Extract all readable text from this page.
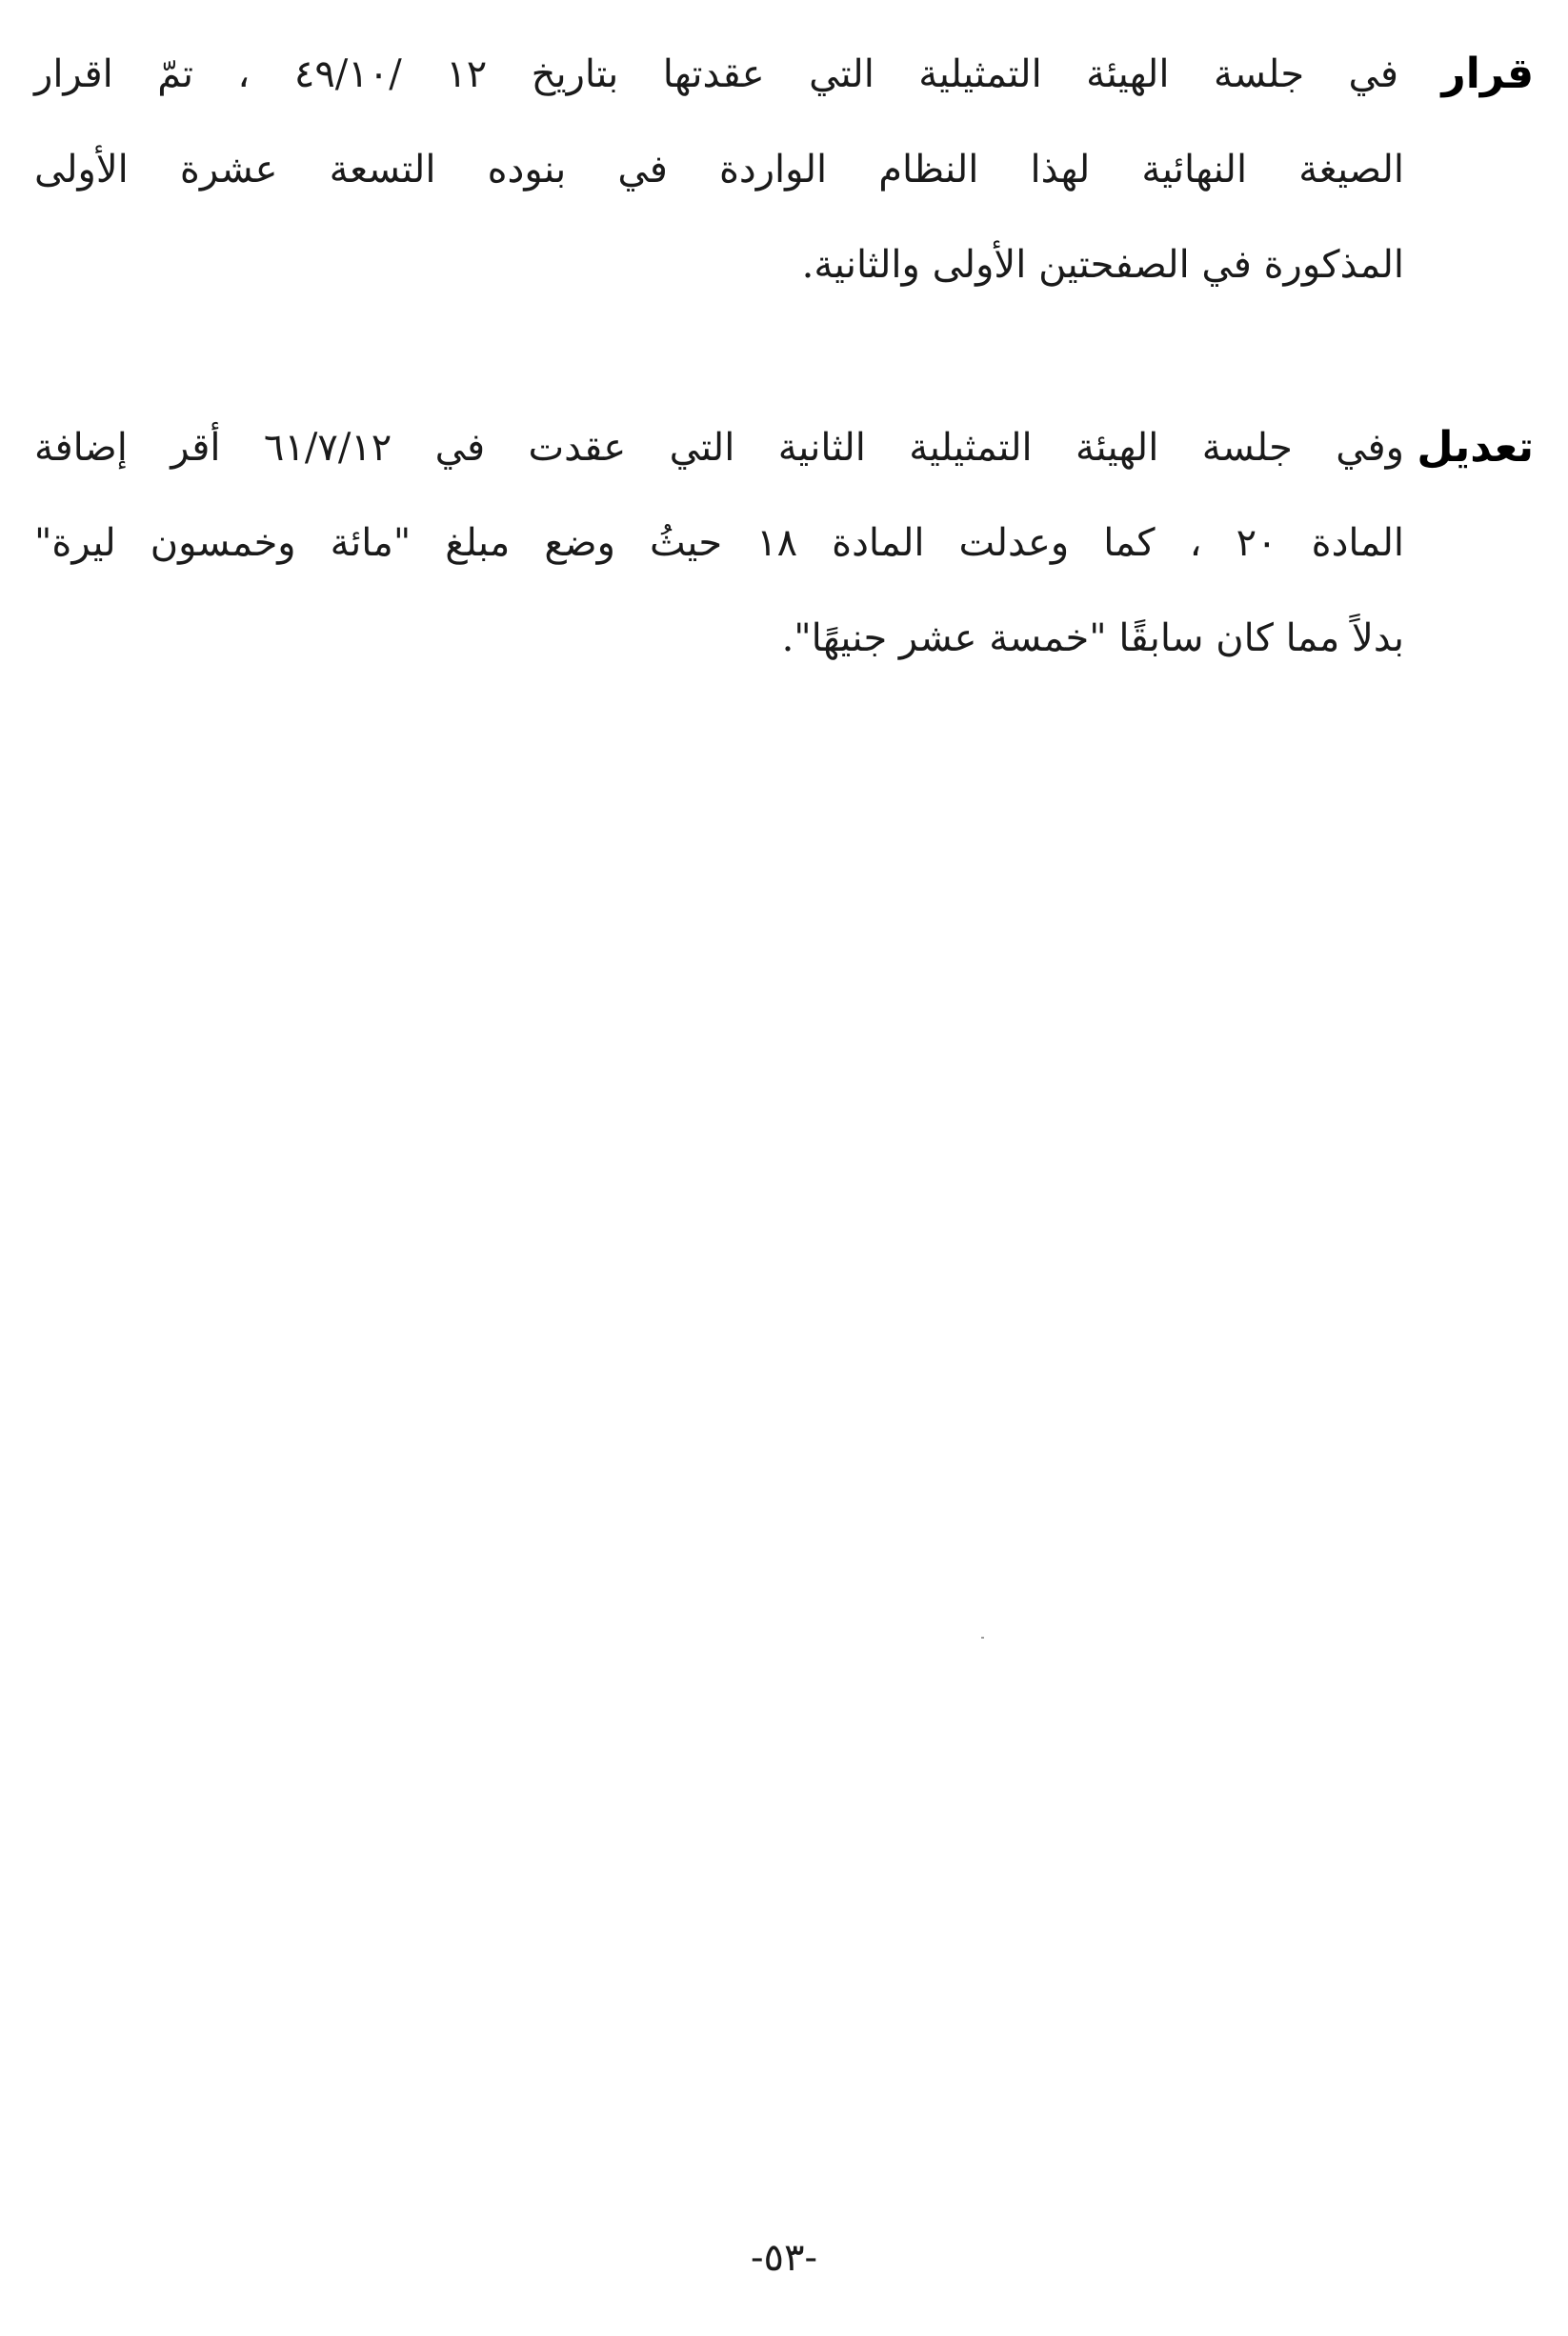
قرار
في جلسة الهيئة التمثيلية التي عقدتها بتاريخ ١٢ /٤٩/١٠ ، تمّ اقرار
الصيغة النهائية لهذا النظام الواردة في بنوده التسعة عشرة الأولى
المذكورة في الصفحتين الأولى والثانية.
تعديل
وفي جلسة الهيئة التمثيلية الثانية التي عقدت في ٦١/٧/١٢ أقر إضافة
المادة ٢٠ ، كما وعدلت المادة ١٨ حيثُ وضع مبلغ "مائة وخمسون ليرة"
بدلاً مما كان سابقًا "خمسة عشر جنيهًا".
-٥٣-
